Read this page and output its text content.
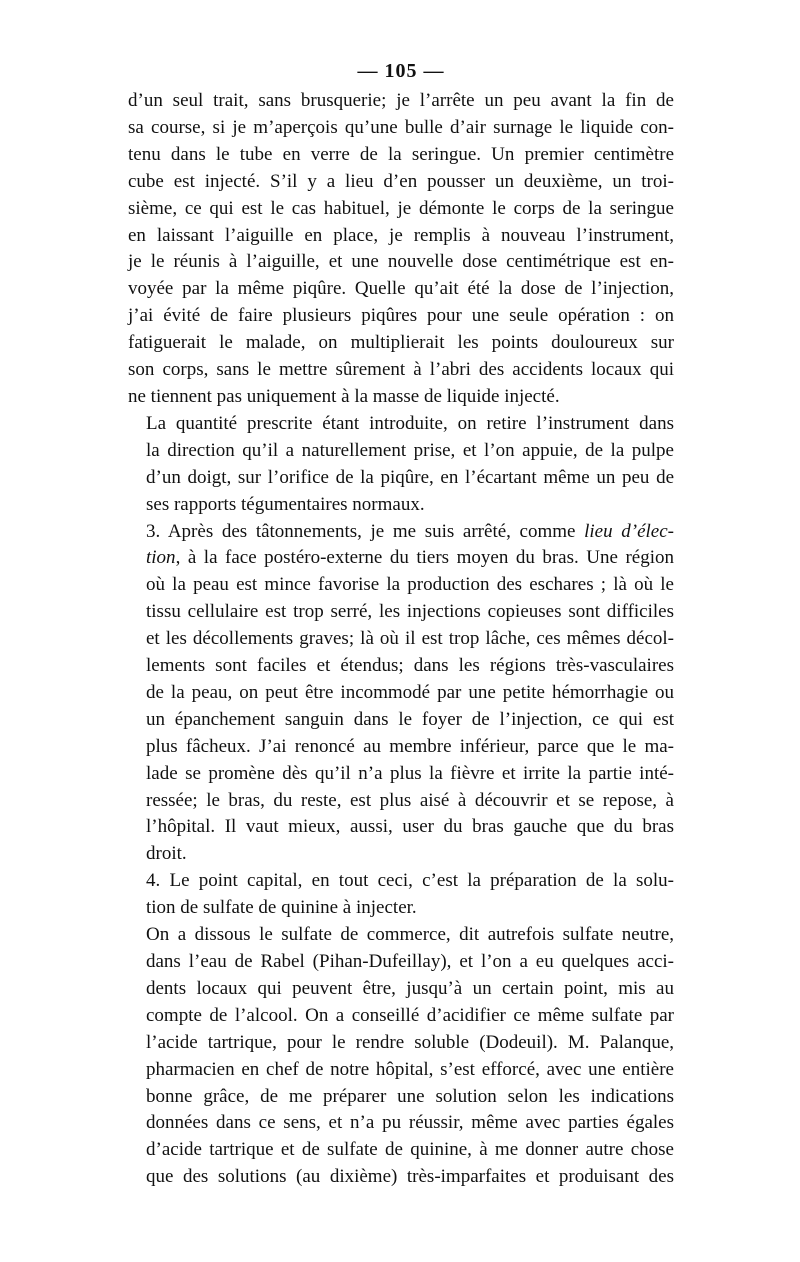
— 105 —

d’un seul trait, sans brusquerie; je l’arrête un peu avant la fin de
sa course, si je m’aperçois qu’une bulle d’air surnage le liquide con-
tenu dans le tube en verre de la seringue. Un premier centimètre
cube est injecté. S’il y a lieu d’en pousser un deuxième, un troi-
sième, ce qui est le cas habituel, je démonte le corps de la seringue
en laissant l’aiguille en place, je remplis à nouveau l’instrument,
je le réunis à l’aiguille, et une nouvelle dose centimétrique est en-
voyée par la même piqûre. Quelle qu’ait été la dose de l’injection,
j’ai évité de faire plusieurs piqûres pour une seule opération : on
fatiguerait le malade, on multiplierait les points douloureux sur
son corps, sans le mettre sûrement à l’abri des accidents locaux qui
ne tiennent pas uniquement à la masse de liquide injecté.

La quantité prescrite étant introduite, on retire l’instrument dans
la direction qu’il a naturellement prise, et l’on appuie, de la pulpe
d’un doigt, sur l’orifice de la piqûre, en l’écartant même un peu de
ses rapports tégumentaires normaux.

3. Après des tâtonnements, je me suis arrêté, comme lieu d’élec-
tion, à la face postéro-externe du tiers moyen du bras. Une région
où la peau est mince favorise la production des eschares ; là où le
tissu cellulaire est trop serré, les injections copieuses sont difficiles
et les décollements graves; là où il est trop lâche, ces mêmes décol-
lements sont faciles et étendus; dans les régions très-vasculaires
de la peau, on peut être incommodé par une petite hémorrhagie ou
un épanchement sanguin dans le foyer de l’injection, ce qui est
plus fâcheux. J’ai renoncé au membre inférieur, parce que le ma-
lade se promène dès qu’il n’a plus la fièvre et irrite la partie inté-
ressée; le bras, du reste, est plus aisé à découvrir et se repose, à
l’hôpital. Il vaut mieux, aussi, user du bras gauche que du bras
droit.

4. Le point capital, en tout ceci, c’est la préparation de la solu-
tion de sulfate de quinine à injecter.

On a dissous le sulfate de commerce, dit autrefois sulfate neutre,
dans l’eau de Rabel (Pihan-Dufeillay), et l’on a eu quelques acci-
dents locaux qui peuvent être, jusqu’à un certain point, mis au
compte de l’alcool. On a conseillé d’acidifier ce même sulfate par
l’acide tartrique, pour le rendre soluble (Dodeuil). M. Palanque,
pharmacien en chef de notre hôpital, s’est efforcé, avec une entière
bonne grâce, de me préparer une solution selon les indications
données dans ce sens, et n’a pu réussir, même avec parties égales
d’acide tartrique et de sulfate de quinine, à me donner autre chose
que des solutions (au dixième) très-imparfaites et produisant des
